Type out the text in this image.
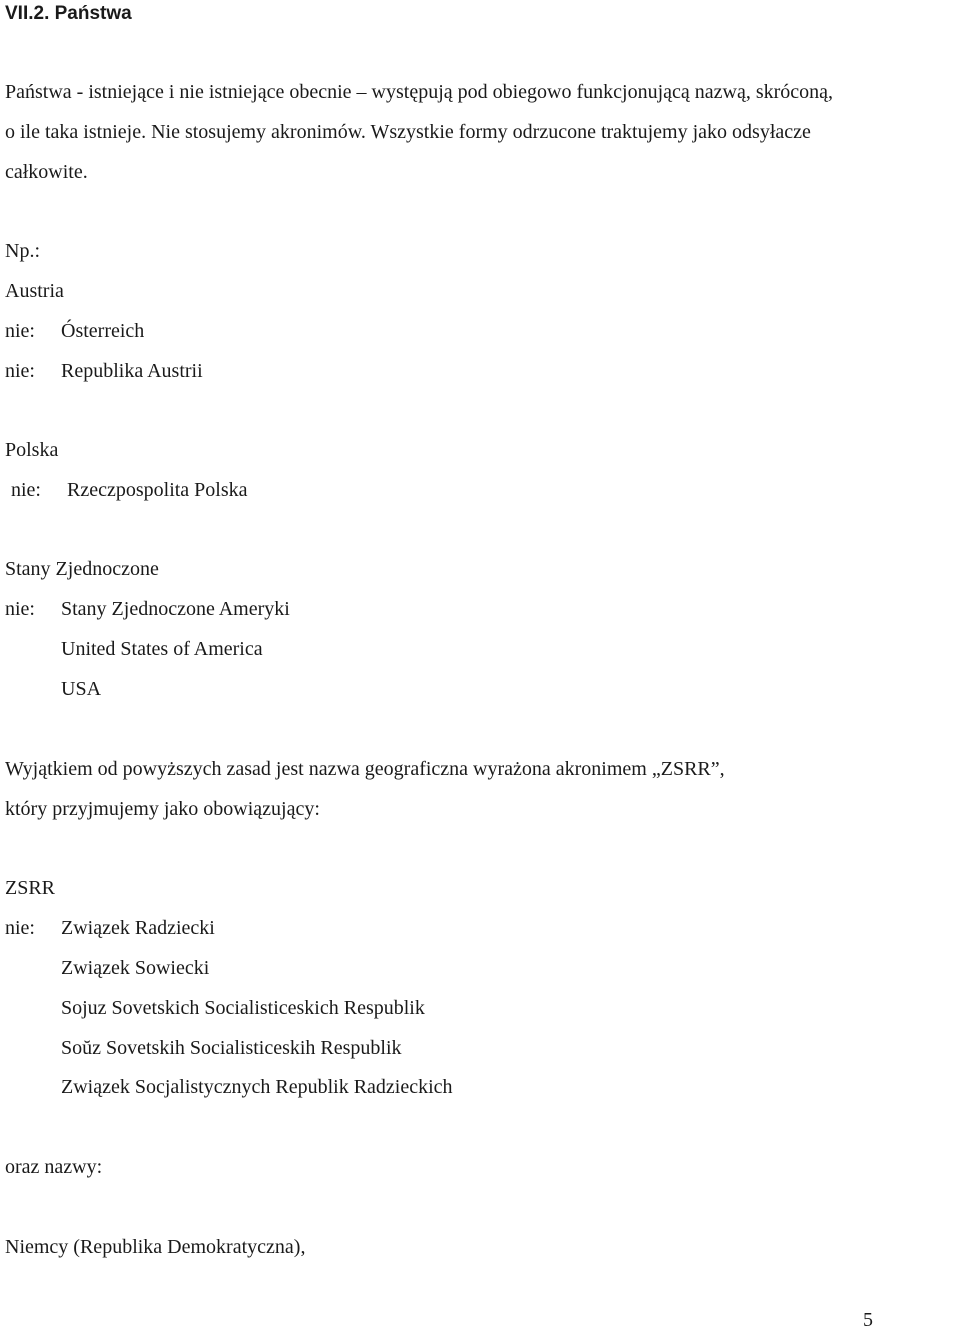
VII.2. Państwa
Państwa - istniejące i nie istniejące obecnie – występują pod obiegowo funkcjonującą nazwą, skróconą,
o ile taka istnieje. Nie stosujemy akronimów. Wszystkie formy odrzucone traktujemy jako odsyłacze
całkowite.
Np.:
Austria
nie: Ósterreich
nie: Republika Austrii
Polska
nie: Rzeczpospolita Polska
Stany Zjednoczone
nie: Stany Zjednoczone Ameryki
United States of America
USA
Wyjątkiem od powyższych zasad jest nazwa geograficzna wyrażona akronimem „ZSRR”,
który przyjmujemy jako obowiązujący:
ZSRR
nie: Związek Radziecki
Związek Sowiecki
Sojuz Sovetskich Socialisticeskich Respublik
Soŭz Sovetskih Socialisticeskih Respublik
Związek Socjalistycznych Republik Radzieckich
oraz nazwy:
Niemcy (Republika Demokratyczna),
5
